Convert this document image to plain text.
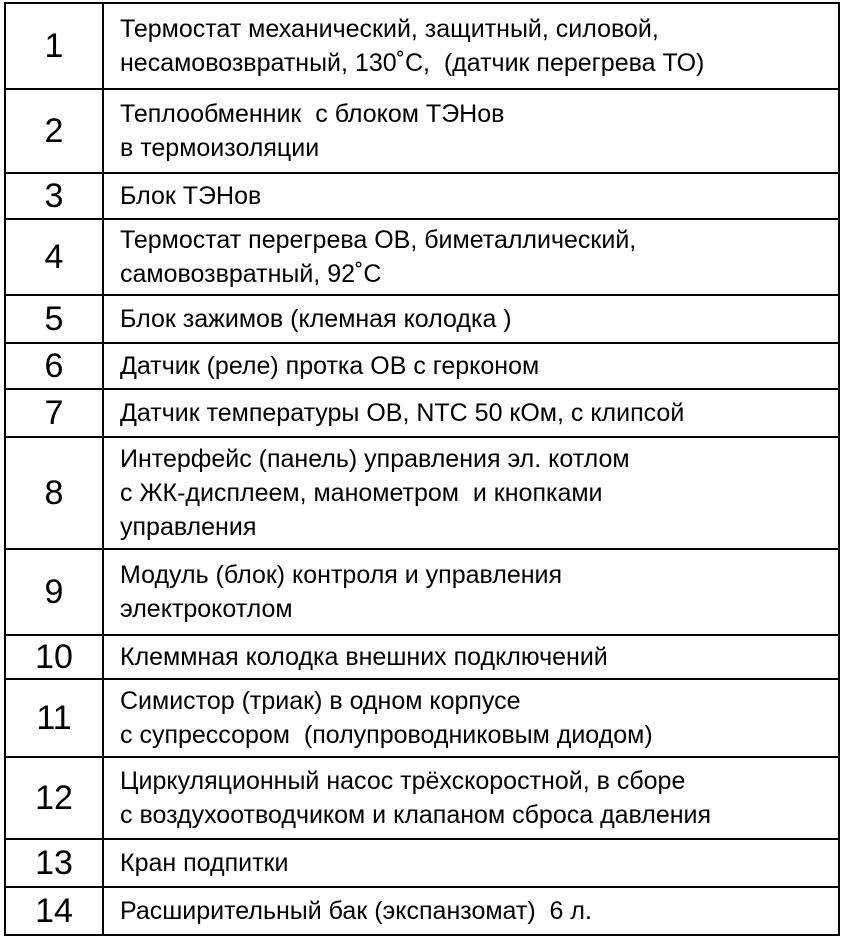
1	Термостат механический, защитный, силовой,
несамовозвратный, 130˚С,  (датчик перегрева ТО)

2	Теплообменник  с блоком ТЭНов
в термоизоляции

3	Блок ТЭНов

4	Термостат перегрева ОВ, биметаллический,
самовозвратный, 92˚С

5	Блок зажимов (клемная колодка )

6	Датчик (реле) протка ОВ с герконом

7	Датчик температуры ОВ, NTC 50 кОм, с клипсой

8	Интерфейс (панель) управления эл. котлом
с ЖК-дисплеем, манометром  и кнопками
управления

9	Модуль (блок) контроля и управления
электрокотлом

10	Клеммная колодка внешних подключений

11	Симистор (триак) в одном корпусе
с супрессором  (полупроводниковым диодом)

12	Циркуляционный насос трёхскоростной, в сборе
с воздухоотводчиком и клапаном сброса давления

13	Кран подпитки

14	Расширительный бак (экспанзомат)  6 л.
